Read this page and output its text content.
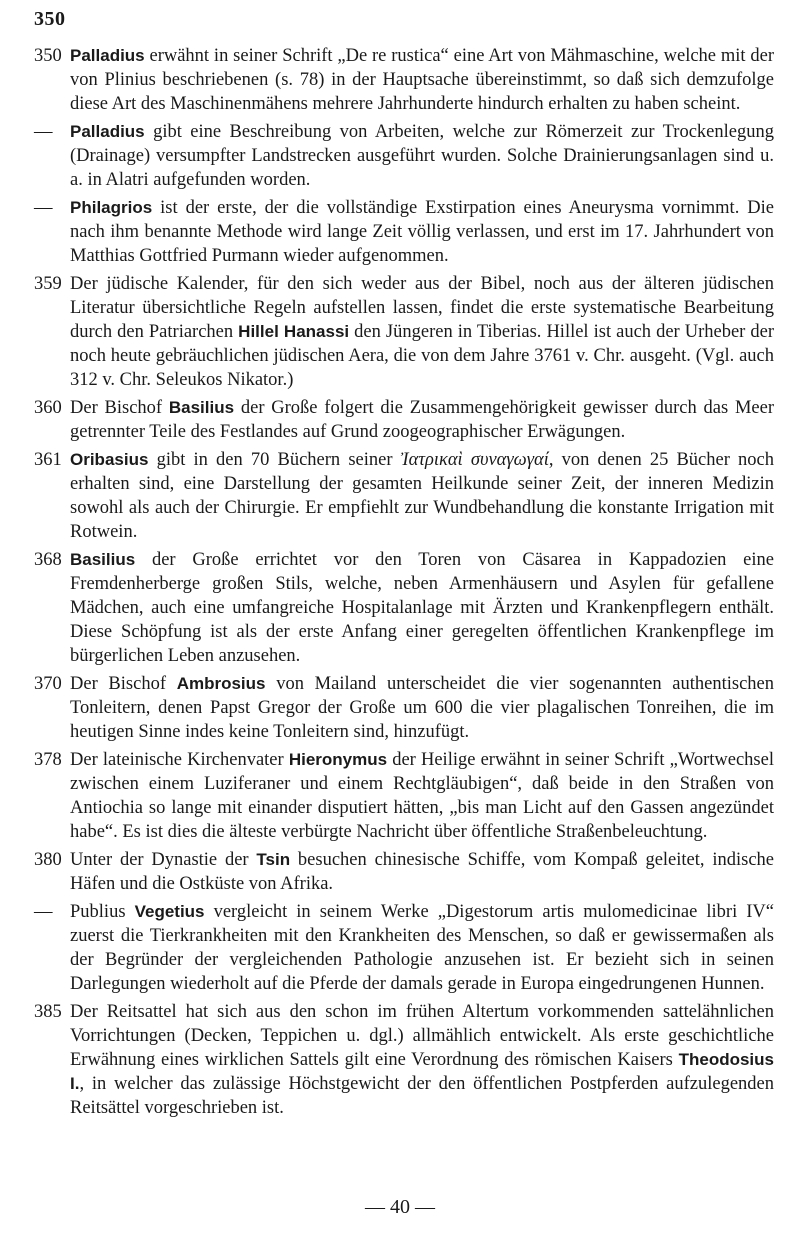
350
350 Palladius erwähnt in seiner Schrift „De re rustica“ eine Art von Mähmaschine, welche mit der von Plinius beschriebenen (s. 78) in der Hauptsache übereinstimmt, so daß sich demzufolge diese Art des Maschinenmähens mehrere Jahrhunderte hindurch erhalten zu haben scheint.
—	Palladius gibt eine Beschreibung von Arbeiten, welche zur Römerzeit zur Trockenlegung (Drainage) versumpfter Landstrecken ausgeführt wurden. Solche Drainierungsanlagen sind u. a. in Alatri aufgefunden worden.
—	Philagrios ist der erste, der die vollständige Exstirpation eines Aneurysma vornimmt. Die nach ihm benannte Methode wird lange Zeit völlig verlassen, und erst im 17. Jahrhundert von Matthias Gottfried Purmann wieder aufgenommen.
359 Der jüdische Kalender, für den sich weder aus der Bibel, noch aus der älteren jüdischen Literatur übersichtliche Regeln aufstellen lassen, findet die erste systematische Bearbeitung durch den Patriarchen Hillel Hanassi den Jüngeren in Tiberias. Hillel ist auch der Urheber der noch heute gebräuchlichen jüdischen Aera, die von dem Jahre 3761 v. Chr. ausgeht. (Vgl. auch 312 v. Chr. Seleukos Nikator.)
360 Der Bischof Basilius der Große folgert die Zusammengehörigkeit gewisser durch das Meer getrennter Teile des Festlandes auf Grund zoogeographischer Erwägungen.
361 Oribasius gibt in den 70 Büchern seiner Ἰατρικαὶ συναγωγαί, von denen 25 Bücher noch erhalten sind, eine Darstellung der gesamten Heilkunde seiner Zeit, der inneren Medizin sowohl als auch der Chirurgie. Er empfiehlt zur Wundbehandlung die konstante Irrigation mit Rotwein.
368 Basilius der Große errichtet vor den Toren von Cäsarea in Kappadozien eine Fremdenherberge großen Stils, welche, neben Armenhäusern und Asylen für gefallene Mädchen, auch eine umfangreiche Hospitalanlage mit Ärzten und Krankenpflegern enthält. Diese Schöpfung ist als der erste Anfang einer geregelten öffentlichen Krankenpflege im bürgerlichen Leben anzusehen.
370 Der Bischof Ambrosius von Mailand unterscheidet die vier sogenannten authentischen Tonleitern, denen Papst Gregor der Große um 600 die vier plagalischen Tonreihen, die im heutigen Sinne indes keine Tonleitern sind, hinzufügt.
378 Der lateinische Kirchenvater Hieronymus der Heilige erwähnt in seiner Schrift „Wortwechsel zwischen einem Luziferaner und einem Rechtgläubigen“, daß beide in den Straßen von Antiochia so lange mit einander disputiert hätten, „bis man Licht auf den Gassen angezündet habe“. Es ist dies die älteste verbürgte Nachricht über öffentliche Straßenbeleuchtung.
380 Unter der Dynastie der Tsin besuchen chinesische Schiffe, vom Kompaß geleitet, indische Häfen und die Ostküste von Afrika.
— Publius Vegetius vergleicht in seinem Werke „Digestorum artis mulomedicinae libri IV“ zuerst die Tierkrankheiten mit den Krankheiten des Menschen, so daß er gewissermaßen als der Begründer der vergleichenden Pathologie anzusehen ist. Er bezieht sich in seinen Darlegungen wiederholt auf die Pferde der damals gerade in Europa eingedrungenen Hunnen.
385 Der Reitsattel hat sich aus den schon im frühen Altertum vorkommenden sattelähnlichen Vorrichtungen (Decken, Teppichen u. dgl.) allmählich entwickelt. Als erste geschichtliche Erwähnung eines wirklichen Sattels gilt eine Verordnung des römischen Kaisers Theodosius I., in welcher das zulässige Höchstgewicht der den öffentlichen Postpferden aufzulegenden Reitsättel vorgeschrieben ist.
— 40 —
